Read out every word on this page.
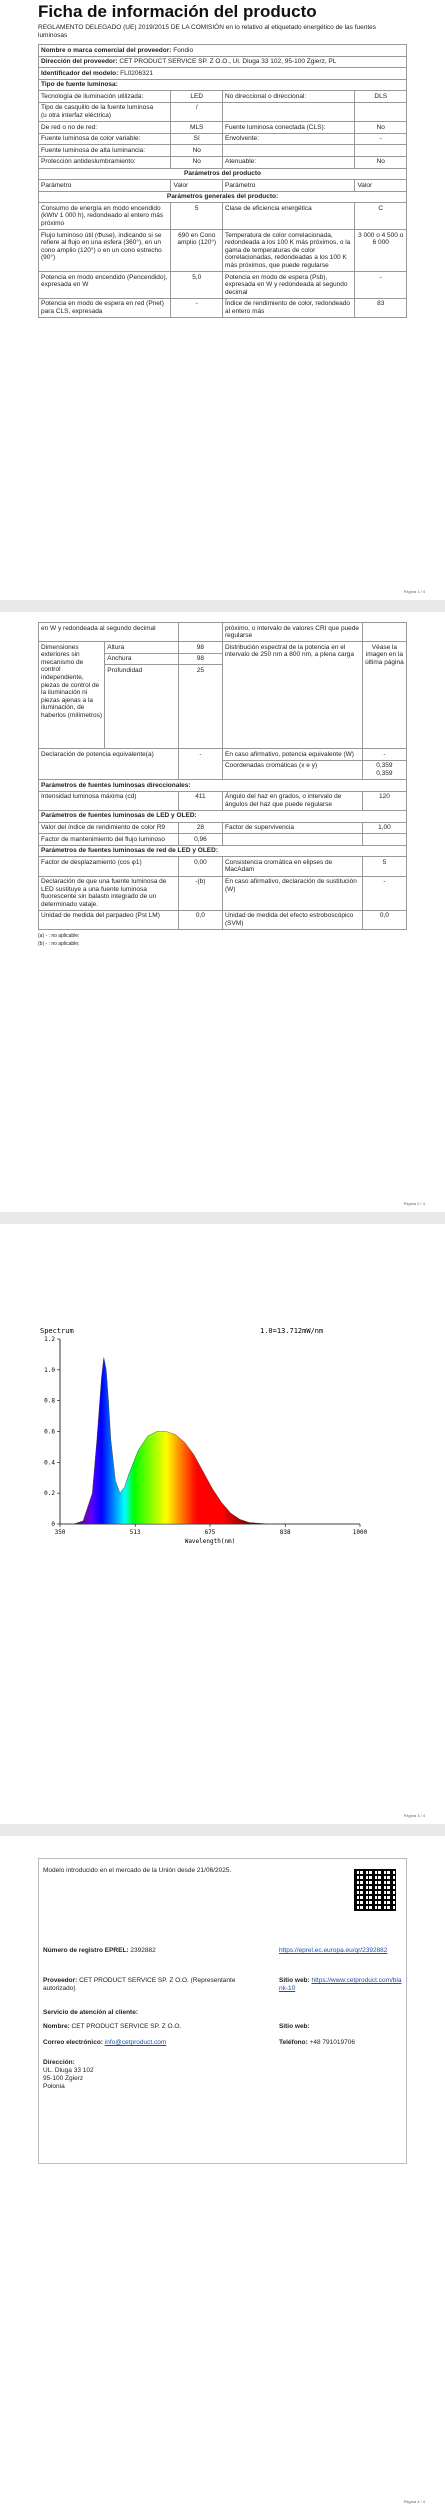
Ficha de información del producto
REGLAMENTO DELEGADO (UE) 2019/2015 DE LA COMISIÓN en lo relativo al etiquetado energético de las fuentes luminosas
Nombre o marca comercial del proveedor: Fondio			
Dirección del proveedor: CET PRODUCT SERVICE SP. Z O.O., Ul. Dluga 33 102, 95-100 Zgierz, PL			
Identificador del modelo: FL0206321			
Tipo de fuente luminosa:			
Tecnología de iluminación utilizada:	LED	No direccional o direccional:	DLS
Tipo de casquillo de la fuente luminosa
(u otra interfaz eléctrica)	/		
De red o no de red:	MLS	Fuente luminosa conectada (CLS):	No
Fuente luminosa de color variable:	Sí	Envolvente:	-
Fuente luminosa de alta luminancia:	No		
Protección antideslumbramiento:	No	Atenuable:	No
Parámetros del producto			
Parámetro	Valor	Parámetro	Valor
Parámetros generales del producto:			
Consumo de energía en modo encendido (kWh/ 1 000 h), redondeado al entero más próximo	5	Clase de eficiencia energética	C
Flujo luminoso útil (Φuse), indicando si se refiere al flujo en una esfera (360°), en un cono amplio (120°) o en un cono estrecho (90°)	690 en Cono amplio (120°)	Temperatura de color correlacionada, redondeada a los 100 K más próximos, o la gama de temperaturas de color correlacionadas, redondeadas a los 100 K más próximos, que puede regularse	3 000 o 4 500 o 6 000
Potencia en modo encendido (Pencendido), expresada en W	5,0	Potencia en modo de espera (Psb), expresada en W y redondeada al segundo decimal	-
Potencia en modo de espera en red (Pnet) para CLS, expresada	-	Índice de rendimiento de color, redondeado al entero más	83
Página 1 / 4
en W y redondeada al segundo decimal			próximo, o intervalo de valores CRI que puede regularse	
Dimensiones exteriores sin mecanismo de control independiente, piezas de control de la iluminación ni piezas ajenas a la iluminación, de haberlos (milímetros)	Altura	98	Distribución espectral de la potencia en el intervalo de 250 nm a 800 nm, a plena carga	Véase la imagen en la última página
	Anchura	98		
	Profundidad	25		
Declaración de potencia equivalente(a)		-	En caso afirmativo, potencia equivalente (W)	-
			Coordenadas cromáticas (x e y)	0,359
0,359
Parámetros de fuentes luminosas direccionales:				
Intensidad luminosa máxima (cd)		411	Ángulo del haz en grados, o intervalo de ángulos del haz que puede regularse	120
Parámetros de fuentes luminosas de LED y OLED:				
Valor del índice de rendimiento de color R9		28	Factor de supervivencia	1,00
Factor de mantenimiento del flujo luminoso		0,96		
Parámetros de fuentes luminosas de red de LED y OLED:				
Factor de desplazamiento (cos φ1)		0,00	Consistencia cromática en elipses de MacAdam	5
Declaración de que una fuente luminosa de LED sustituye a una fuente luminosa fluorescente sin balasto integrado de un determinado vataje.		-(b)	En caso afirmativo, declaración de sustitución (W)	-
Unidad de medida del parpadeo (Pst LM)		0,0	Unidad de medida del efecto estroboscópico (SVM)	0,0
(a) - : no aplicable;
(b) - : no aplicable;
Página 2 / 4
0
0.2
0.4
0.6
0.8
1.0
1.2
350	513	675	838	1000
Spectrum	1.0=13.712mW/nm
Wavelength(nm)
Página 3 / 4
Modelo introducido en el mercado de la Unión desde 21/06/2025.
Número de registro EPREL: 2392882	https://eprel.ec.europa.eu/qr/2392882
Proveedor: CET PRODUCT SERVICE SP. Z O.O. (Representante autorizado)
Sitio web: https://www.cetproduct.com/blank-10
Servicio de atención al cliente:
Nombre: CET PRODUCT SERVICE SP. Z O.O.	Sitio web:
Correo electrónico: info@cetproduct.com	Teléfono: +48 791019706
Dirección:
UL. Dluga 33 102
95-100 Zgierz
Polonia
Página 4 / 4
